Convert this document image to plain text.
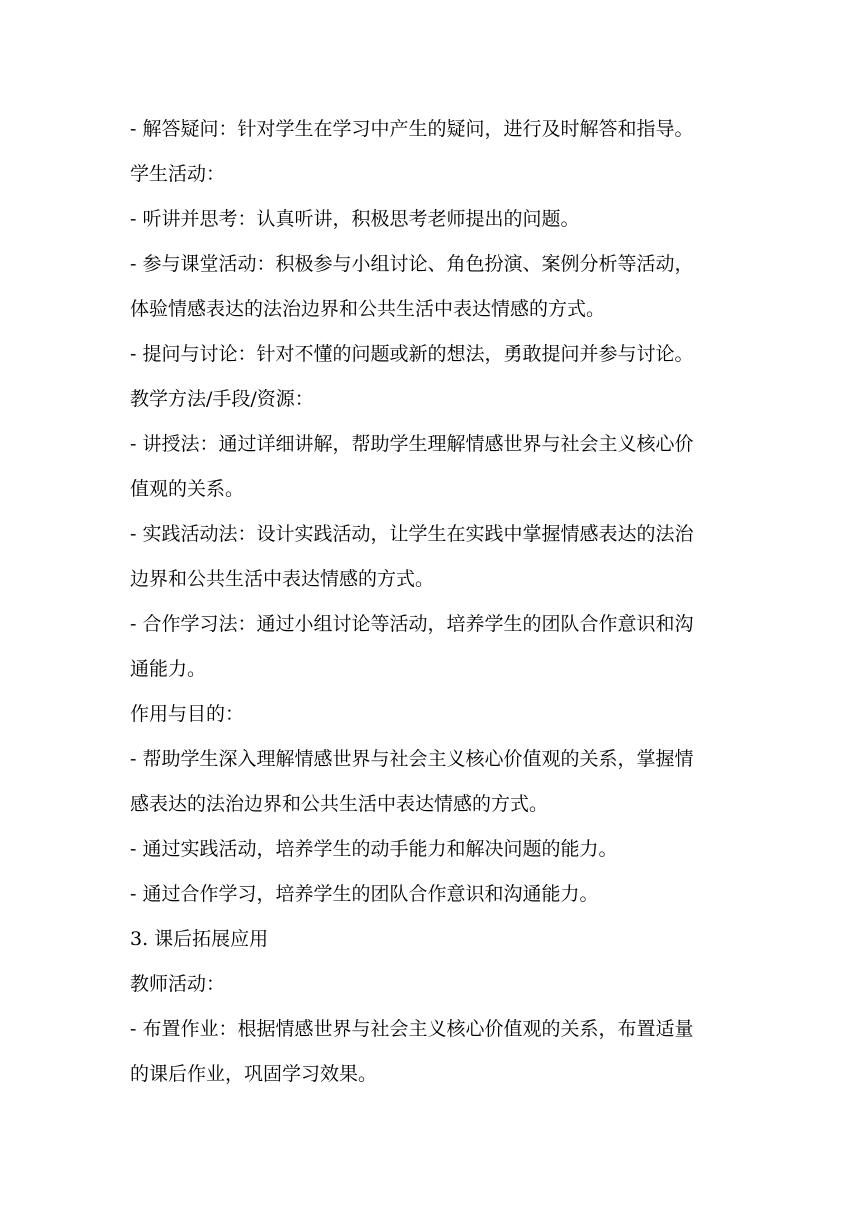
- 解答疑问：针对学生在学习中产生的疑问，进行及时解答和指导。
学生活动：
- 听讲并思考：认真听讲，积极思考老师提出的问题。
- 参与课堂活动：积极参与小组讨论、角色扮演、案例分析等活动，
体验情感表达的法治边界和公共生活中表达情感的方式。
- 提问与讨论：针对不懂的问题或新的想法，勇敢提问并参与讨论。
教学方法/手段/资源：
- 讲授法：通过详细讲解，帮助学生理解情感世界与社会主义核心价
值观的关系。
- 实践活动法：设计实践活动，让学生在实践中掌握情感表达的法治
边界和公共生活中表达情感的方式。
- 合作学习法：通过小组讨论等活动，培养学生的团队合作意识和沟
通能力。
作用与目的：
- 帮助学生深入理解情感世界与社会主义核心价值观的关系，掌握情
感表达的法治边界和公共生活中表达情感的方式。
- 通过实践活动，培养学生的动手能力和解决问题的能力。
- 通过合作学习，培养学生的团队合作意识和沟通能力。
3. 课后拓展应用
教师活动：
- 布置作业：根据情感世界与社会主义核心价值观的关系，布置适量
的课后作业，巩固学习效果。
